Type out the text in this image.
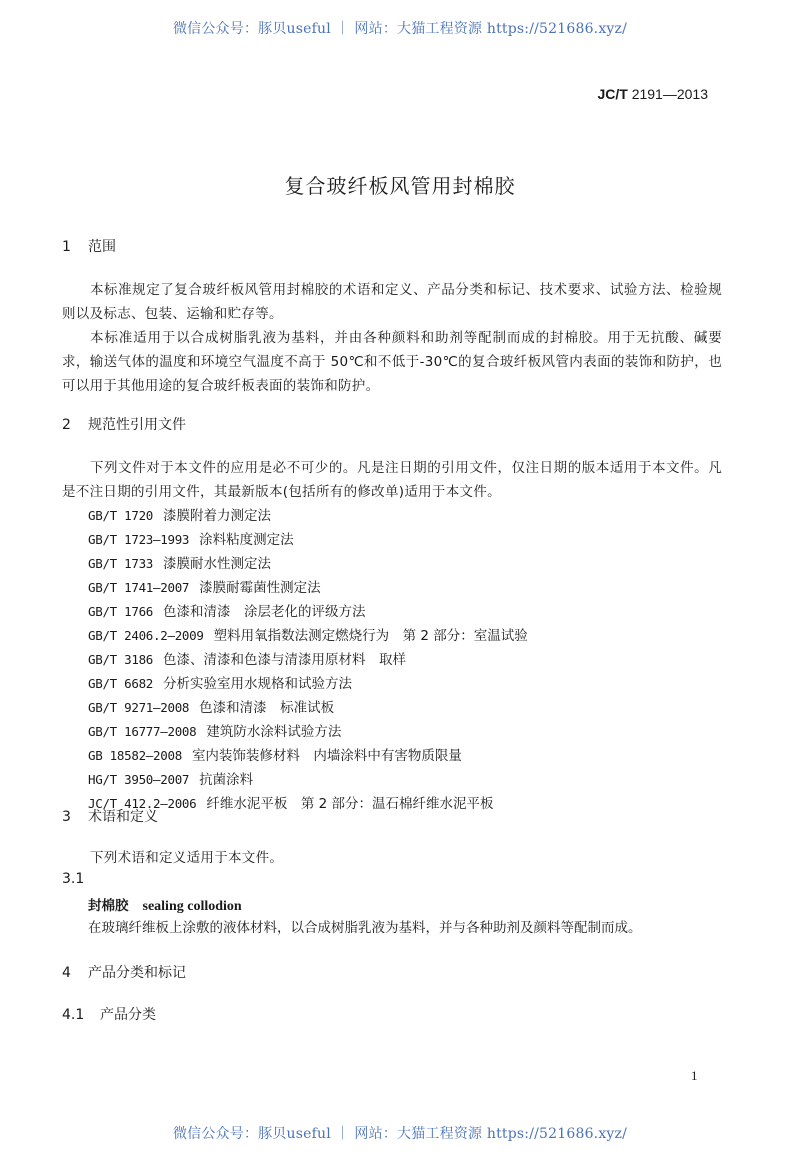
微信公众号：豚贝useful ｜ 网站：大猫工程资源 https://521686.xyz/
JC/T 2191—2013
复合玻纤板风管用封棉胶
1 范围
本标准规定了复合玻纤板风管用封棉胶的术语和定义、产品分类和标记、技术要求、试验方法、检验规则以及标志、包装、运输和贮存等。
本标准适用于以合成树脂乳液为基料，并由各种颜料和助剂等配制而成的封棉胶。用于无抗酸、碱要求，输送气体的温度和环境空气温度不高于 50℃和不低于-30℃的复合玻纤板风管内表面的装饰和防护，也可以用于其他用途的复合玻纤板表面的装饰和防护。
2 规范性引用文件
下列文件对于本文件的应用是必不可少的。凡是注日期的引用文件，仅注日期的版本适用于本文件。凡是不注日期的引用文件，其最新版本(包括所有的修改单)适用于本文件。
GB/T 1720 漆膜附着力测定法
GB/T 1723—1993 涂料粘度测定法
GB/T 1733 漆膜耐水性测定法
GB/T 1741—2007 漆膜耐霉菌性测定法
GB/T 1766 色漆和清漆　涂层老化的评级方法
GB/T 2406.2—2009 塑料用氧指数法测定燃烧行为　第 2 部分：室温试验
GB/T 3186 色漆、清漆和色漆与清漆用原材料　取样
GB/T 6682 分析实验室用水规格和试验方法
GB/T 9271—2008 色漆和清漆　标准试板
GB/T 16777—2008 建筑防水涂料试验方法
GB 18582—2008 室内装饰装修材料　内墙涂料中有害物质限量
HG/T 3950—2007 抗菌涂料
JC/T 412.2—2006 纤维水泥平板　第 2 部分：温石棉纤维水泥平板
3 术语和定义
下列术语和定义适用于本文件。
3.1
封棉胶 sealing collodion
在玻璃纤维板上涂敷的液体材料，以合成树脂乳液为基料，并与各种助剂及颜料等配制而成。
4 产品分类和标记
4.1 产品分类
1
微信公众号：豚贝useful ｜ 网站：大猫工程资源 https://521686.xyz/
